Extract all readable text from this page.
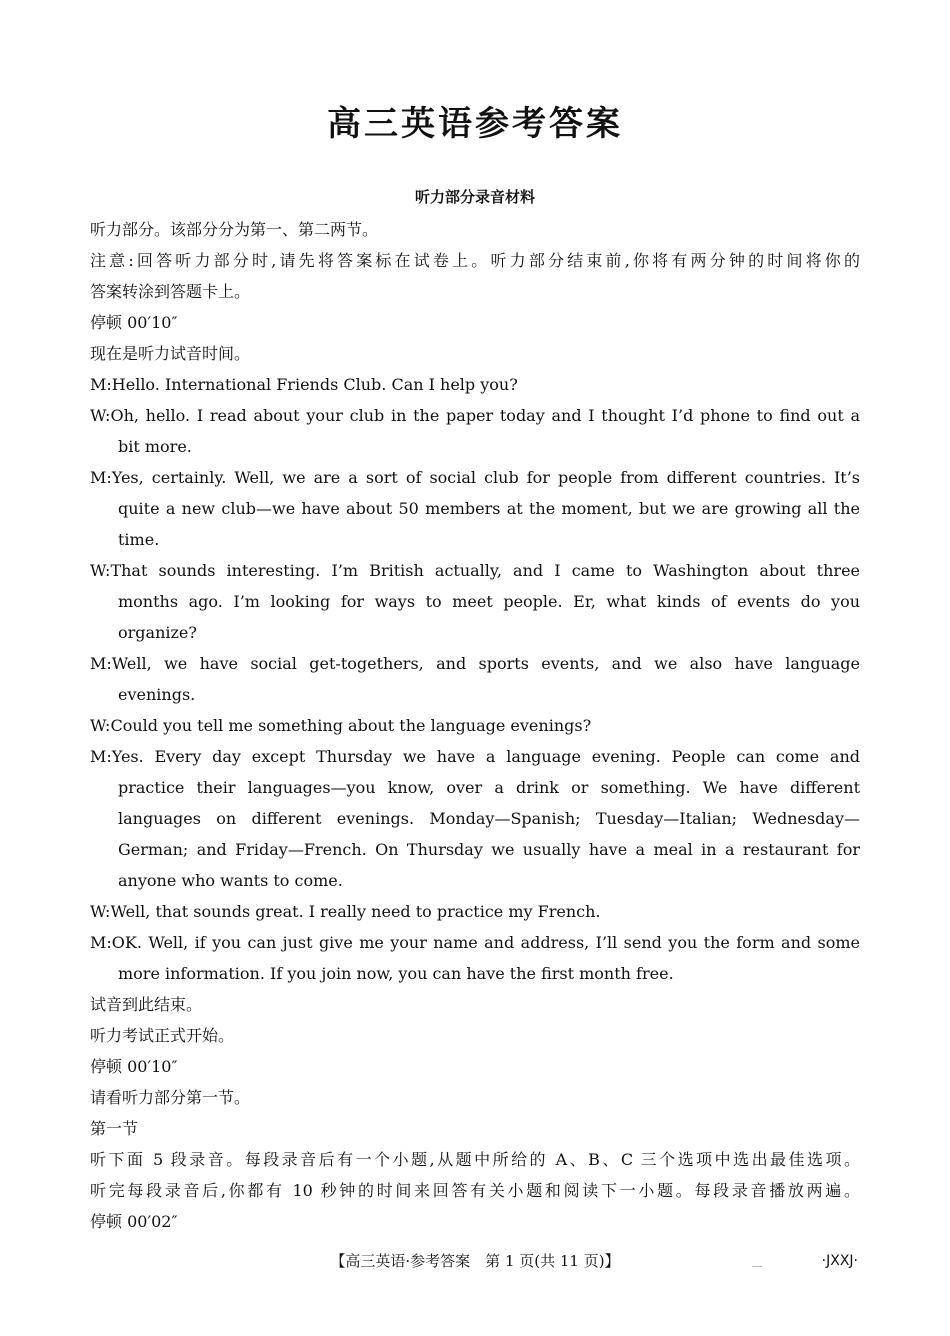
高三英语参考答案
听力部分录音材料
听力部分。该部分分为第一、第二两节。
注意:回答听力部分时,请先将答案标在试卷上。听力部分结束前,你将有两分钟的时间将你的
答案转涂到答题卡上。
停顿 00′10″
现在是听力试音时间。
M:Hello. International Friends Club. Can I help you?
W:Oh, hello. I read about your club in the paper today and I thought I’d phone to find out a
bit more.
M:Yes, certainly. Well, we are a sort of social club for people from different countries. It’s
quite a new club—we have about 50 members at the moment, but we are growing all the
time.
W:That sounds interesting. I’m British actually, and I came to Washington about three
months ago. I’m looking for ways to meet people. Er, what kinds of events do you
organize?
M:Well, we have social get-togethers, and sports events, and we also have language
evenings.
W:Could you tell me something about the language evenings?
M:Yes. Every day except Thursday we have a language evening. People can come and
practice their languages—you know, over a drink or something. We have different
languages on different evenings. Monday—Spanish; Tuesday—Italian; Wednesday—
German; and Friday—French. On Thursday we usually have a meal in a restaurant for
anyone who wants to come.
W:Well, that sounds great. I really need to practice my French.
M:OK. Well, if you can just give me your name and address, I’ll send you the form and some
more information. If you join now, you can have the first month free.
试音到此结束。
听力考试正式开始。
停顿 00′10″
请看听力部分第一节。
第一节
听下面 5 段录音。每段录音后有一个小题,从题中所给的 A、B、C 三个选项中选出最佳选项。
听完每段录音后,你都有 10 秒钟的时间来回答有关小题和阅读下一小题。每段录音播放两遍。
停顿 00′02″
【高三英语·参考答案　第 1 页(共 11 页)】	·JXXJ·
